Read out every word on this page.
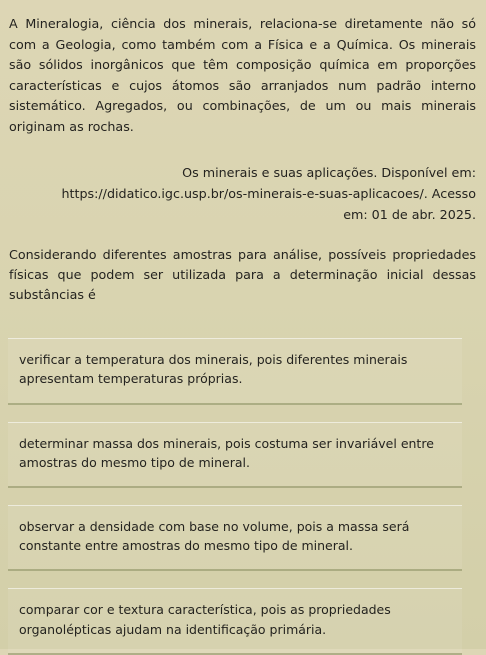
A Mineralogia, ciência dos minerais, relaciona-se diretamente não só com a Geologia, como também com a Física e a Química. Os minerais são sólidos inorgânicos que têm composição química em proporções características e cujos átomos são arranjados num padrão interno sistemático. Agregados, ou combinações, de um ou mais minerais originam as rochas.

Os minerais e suas aplicações. Disponível em:
https://didatico.igc.usp.br/os-minerais-e-suas-aplicacoes/. Acesso
em: 01 de abr. 2025.

Considerando diferentes amostras para análise, possíveis propriedades físicas que podem ser utilizada para a determinação inicial dessas substâncias é

verificar a temperatura dos minerais, pois diferentes minerais apresentam temperaturas próprias.
determinar massa dos minerais, pois costuma ser invariável entre amostras do mesmo tipo de mineral.
observar a densidade com base no volume, pois a massa será constante entre amostras do mesmo tipo de mineral.
comparar cor e textura característica, pois as propriedades organolépticas ajudam na identificação primária.
